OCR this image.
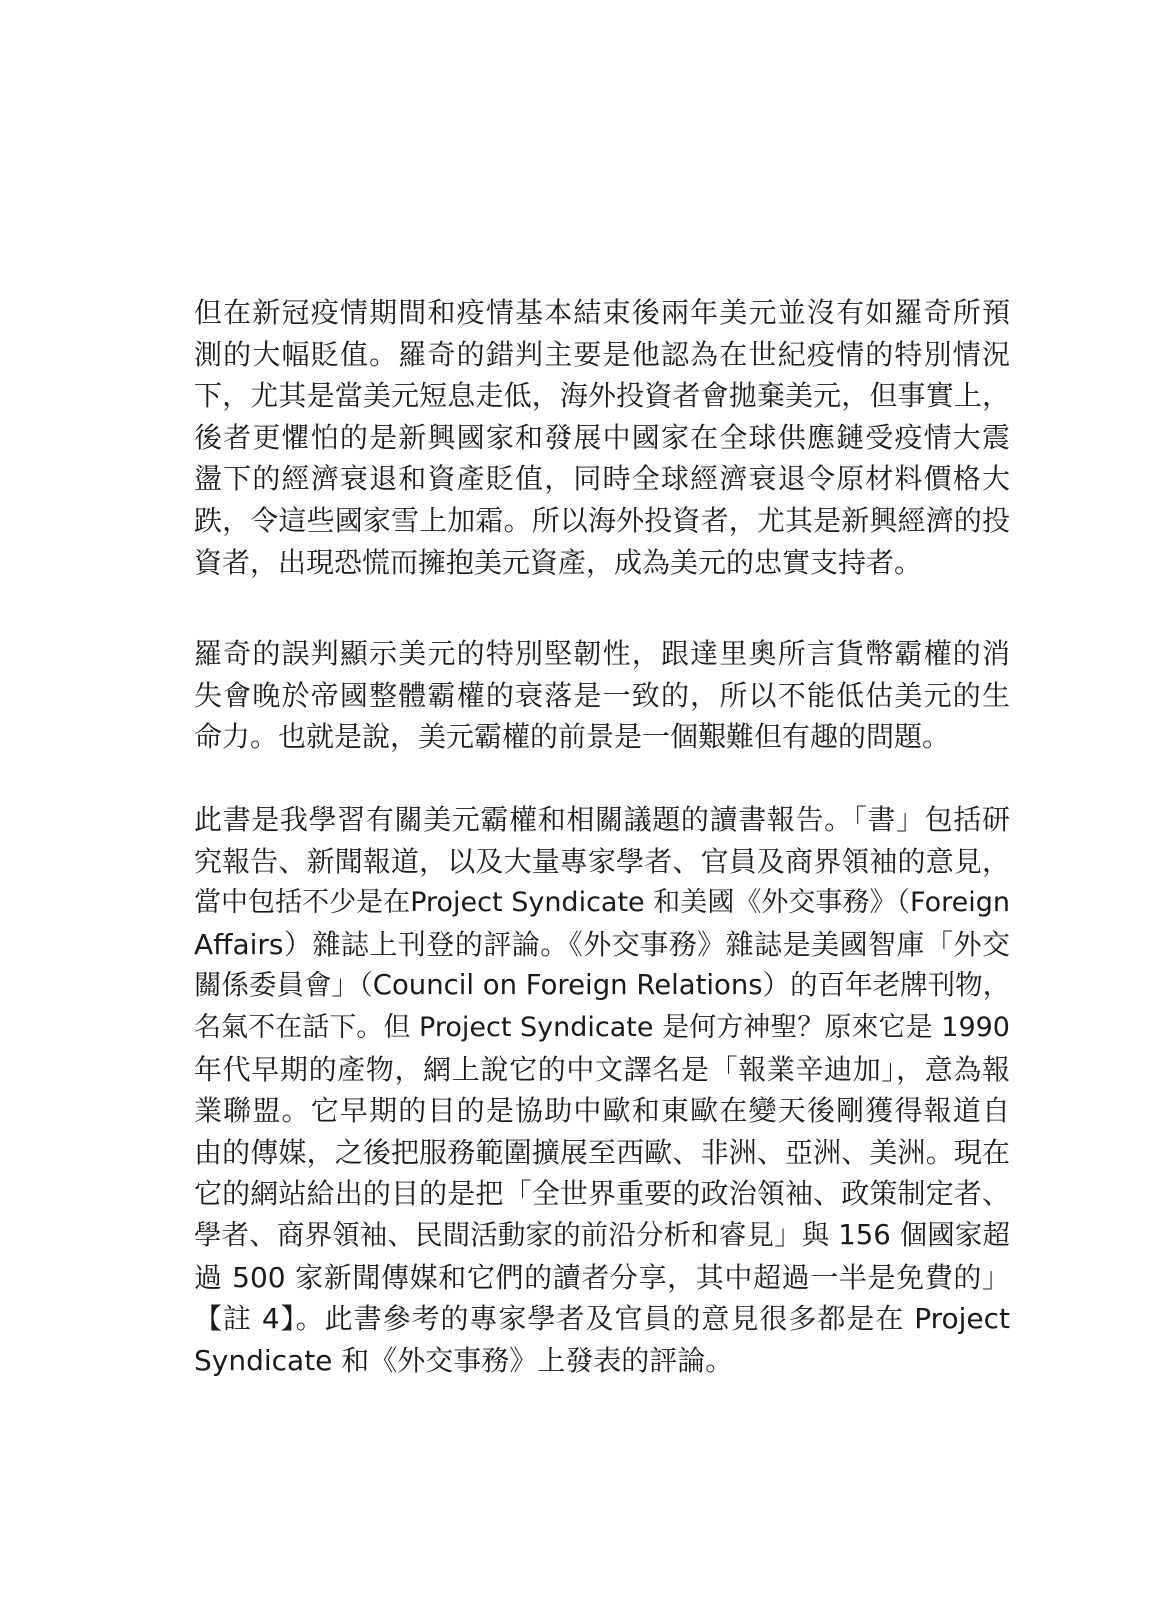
但在新冠疫情期間和疫情基本結束後兩年美元並沒有如羅奇所預
測的大幅貶值。羅奇的錯判主要是他認為在世紀疫情的特別情況
下，尤其是當美元短息走低，海外投資者會拋棄美元，但事實上，
後者更懼怕的是新興國家和發展中國家在全球供應鏈受疫情大震
盪下的經濟衰退和資產貶值，同時全球經濟衰退令原材料價格大
跌，令這些國家雪上加霜。所以海外投資者，尤其是新興經濟的投
資者，出現恐慌而擁抱美元資產，成為美元的忠實支持者。
羅奇的誤判顯示美元的特別堅韌性，跟達里奧所言貨幣霸權的消
失會晚於帝國整體霸權的衰落是一致的，所以不能低估美元的生
命力。也就是說，美元霸權的前景是一個艱難但有趣的問題。
此書是我學習有關美元霸權和相關議題的讀書報告。「書」包括研
究報告、新聞報道，以及大量專家學者、官員及商界領袖的意見，
當中包括不少是在Project Syndicate 和美國《外交事務》（Foreign
Affairs）雜誌上刊登的評論。《外交事務》雜誌是美國智庫「外交
關係委員會」（Council on Foreign Relations）的百年老牌刊物，
名氣不在話下。但 Project Syndicate 是何方神聖？原來它是 1990
年代早期的產物，網上說它的中文譯名是「報業辛迪加」，意為報
業聯盟。它早期的目的是協助中歐和東歐在變天後剛獲得報道自
由的傳媒，之後把服務範圍擴展至西歐、非洲、亞洲、美洲。現在
它的網站給出的目的是把「全世界重要的政治領袖、政策制定者、
學者、商界領袖、民間活動家的前沿分析和睿見」與 156 個國家超
過 500 家新聞傳媒和它們的讀者分享，其中超過一半是免費的」
【註 4】。此書參考的專家學者及官員的意見很多都是在 Project
Syndicate 和《外交事務》上發表的評論。
